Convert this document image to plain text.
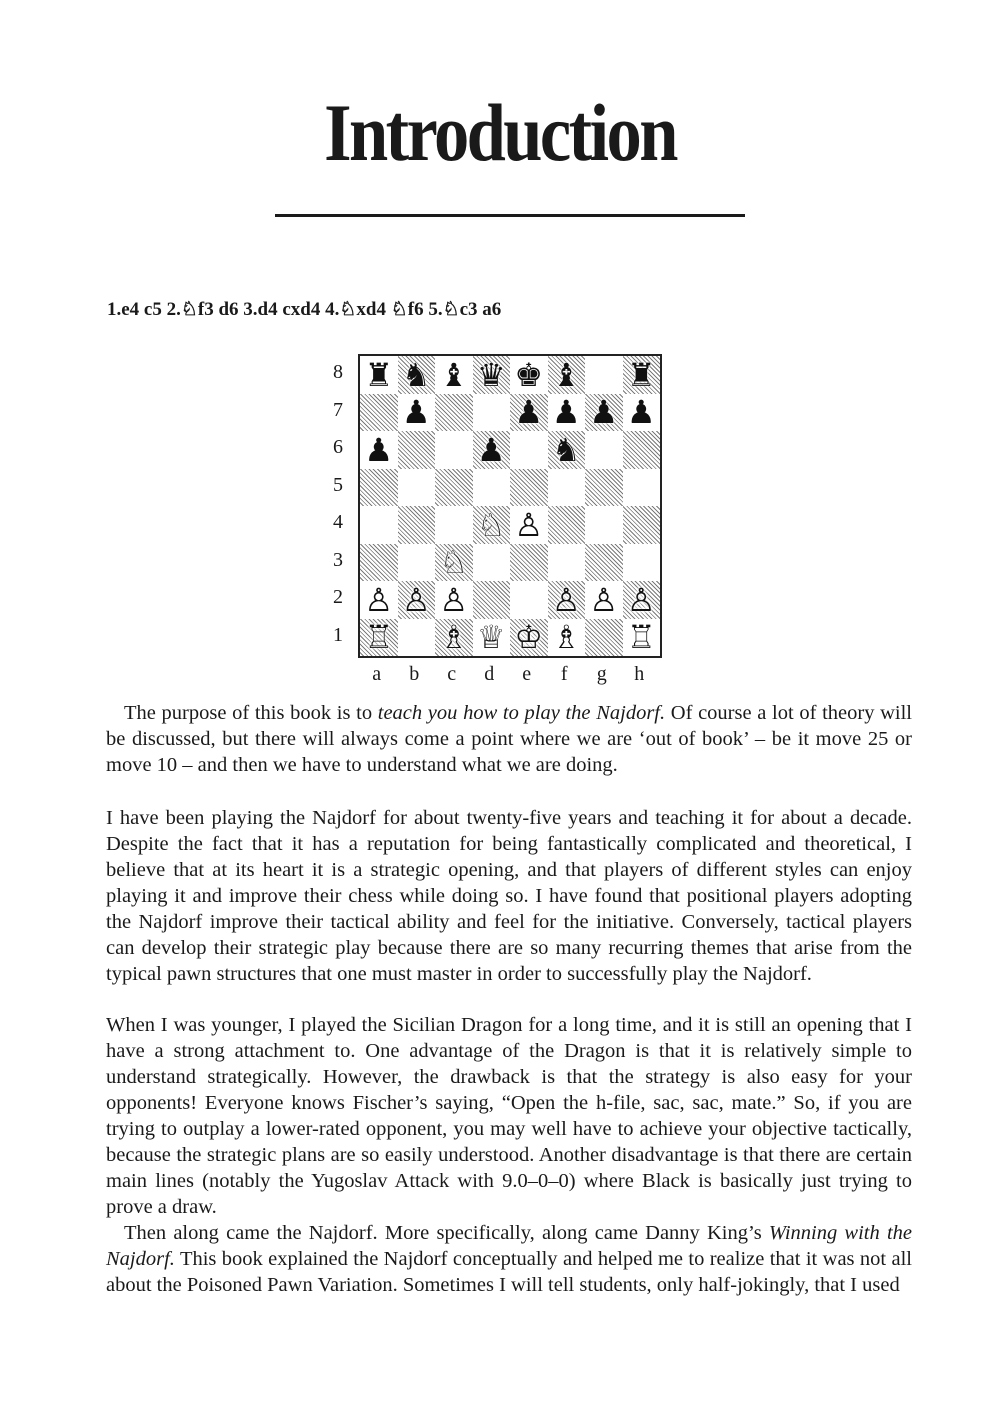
Introduction
1.e4 c5 2.♘f3 d6 3.d4 cxd4 4.♘xd4 ♘f6 5.♘c3 a6
8
7
6
5
4
3
2
1
♜ ♞ ♝ ♛ ♚ ♝ ♜
♟	♟ ♟ ♟ ♟
♟	♟ ♞
♘ ♙
♘
♙ ♙ ♙	♙ ♙ ♙
♖ ♗ ♕ ♔ ♗ ♖
a	b	c	d	e	f	g	h

The purpose of this book is to teach you how to play the Najdorf. Of course a lot of theory will be discussed, but there will always come a point where we are ‘out of book’ – be it move 25 or move 10 – and then we have to understand what we are doing.

I have been playing the Najdorf for about twenty-five years and teaching it for about a decade. Despite the fact that it has a reputation for being fantastically complicated and theoretical, I believe that at its heart it is a strategic opening, and that players of different styles can enjoy playing it and improve their chess while doing so. I have found that positional players adopting the Najdorf improve their tactical ability and feel for the initiative. Conversely, tactical players can develop their strategic play because there are so many recurring themes that arise from the typical pawn structures that one must master in order to successfully play the Najdorf.

When I was younger, I played the Sicilian Dragon for a long time, and it is still an opening that I have a strong attachment to. One advantage of the Dragon is that it is relatively simple to understand strategically. However, the drawback is that the strategy is also easy for your opponents! Everyone knows Fischer’s saying, “Open the h-file, sac, sac, mate.” So, if you are trying to outplay a lower-rated opponent, you may well have to achieve your objective tactically, because the strategic plans are so easily understood. Another disadvantage is that there are certain main lines (notably the Yugoslav Attack with 9.0–0–0) where Black is basically just trying to prove a draw.

Then along came the Najdorf. More specifically, along came Danny King’s Winning with the Najdorf. This book explained the Najdorf conceptually and helped me to realize that it was not all about the Poisoned Pawn Variation. Sometimes I will tell students, only half-jokingly, that I used
